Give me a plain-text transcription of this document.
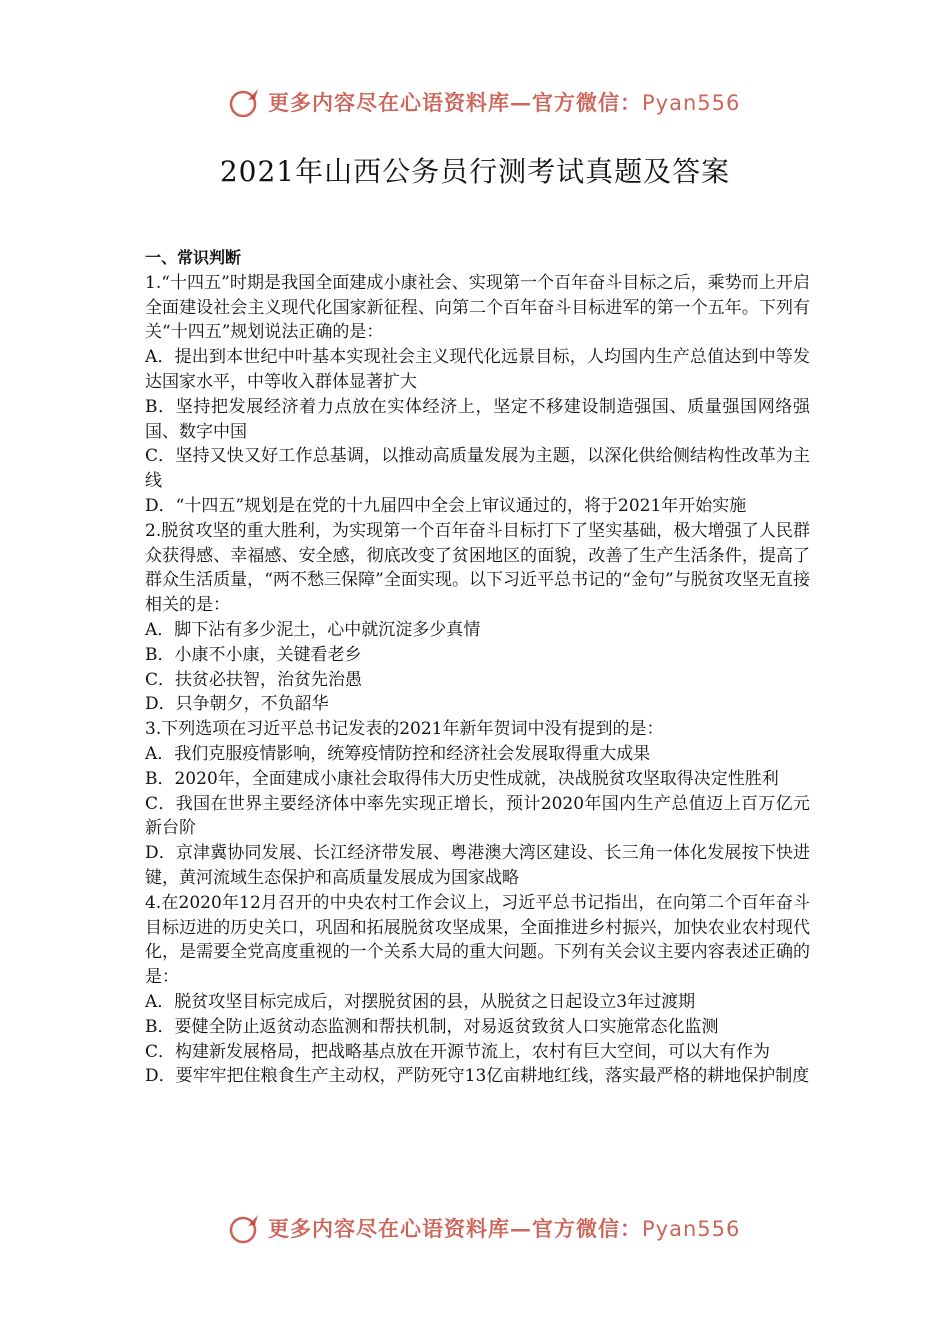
更多内容尽在心语资料库—官方微信：Pyan556
2021年山西公务员行测考试真题及答案

一、常识判断

1.“十四五”时期是我国全面建成小康社会、实现第一个百年奋斗目标之后，乘势而上开启全面建设社会主义现代化国家新征程、向第二个百年奋斗目标进军的第一个五年。下列有关“十四五”规划说法正确的是：

A．提出到本世纪中叶基本实现社会主义现代化远景目标，人均国内生产总值达到中等发达国家水平，中等收入群体显著扩大

B．坚持把发展经济着力点放在实体经济上，坚定不移建设制造强国、质量强国网络强国、数字中国

C．坚持又快又好工作总基调，以推动高质量发展为主题，以深化供给侧结构性改革为主线

D．“十四五”规划是在党的十九届四中全会上审议通过的，将于2021年开始实施

2.脱贫攻坚的重大胜利，为实现第一个百年奋斗目标打下了坚实基础，极大增强了人民群众获得感、幸福感、安全感，彻底改变了贫困地区的面貌，改善了生产生活条件，提高了群众生活质量，“两不愁三保障”全面实现。以下习近平总书记的“金句”与脱贫攻坚无直接相关的是：

A．脚下沾有多少泥土，心中就沉淀多少真情

B．小康不小康，关键看老乡

C．扶贫必扶智，治贫先治愚

D．只争朝夕，不负韶华

3.下列选项在习近平总书记发表的2021年新年贺词中没有提到的是：

A．我们克服疫情影响，统筹疫情防控和经济社会发展取得重大成果

B．2020年，全面建成小康社会取得伟大历史性成就，决战脱贫攻坚取得决定性胜利

C．我国在世界主要经济体中率先实现正增长，预计2020年国内生产总值迈上百万亿元新台阶

D．京津冀协同发展、长江经济带发展、粤港澳大湾区建设、长三角一体化发展按下快进键，黄河流域生态保护和高质量发展成为国家战略

4.在2020年12月召开的中央农村工作会议上，习近平总书记指出，在向第二个百年奋斗目标迈进的历史关口，巩固和拓展脱贫攻坚成果，全面推进乡村振兴，加快农业农村现代化，是需要全党高度重视的一个关系大局的重大问题。下列有关会议主要内容表述正确的是：

A．脱贫攻坚目标完成后，对摆脱贫困的县，从脱贫之日起设立3年过渡期

B．要健全防止返贫动态监测和帮扶机制，对易返贫致贫人口实施常态化监测

C．构建新发展格局，把战略基点放在开源节流上，农村有巨大空间，可以大有作为

D．要牢牢把住粮食生产主动权，严防死守13亿亩耕地红线，落实最严格的耕地保护制度

更多内容尽在心语资料库—官方微信：Pyan556
